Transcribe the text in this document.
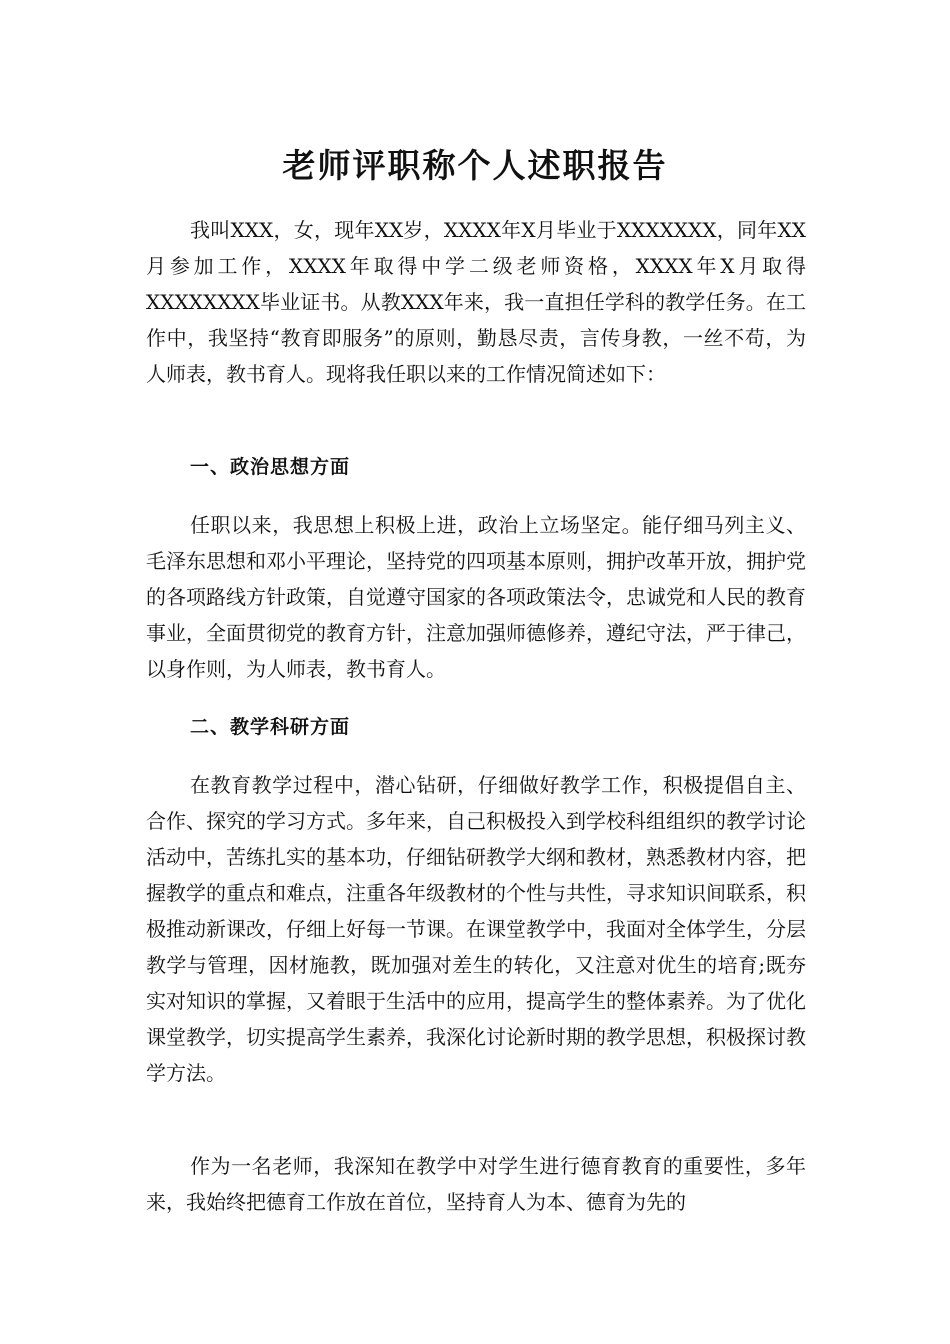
老师评职称个人述职报告

我叫XXX，女，现年XX岁，XXXX年X月毕业于XXXXXXX，同年XX月参加工作，XXXX年取得中学二级老师资格，XXXX年X月取得XXXXXXXX毕业证书。从教XXX年来，我一直担任学科的教学任务。在工作中，我坚持“教育即服务”的原则，勤恳尽责，言传身教，一丝不苟，为人师表，教书育人。现将我任职以来的工作情况简述如下：

一、政治思想方面

任职以来，我思想上积极上进，政治上立场坚定。能仔细马列主义、毛泽东思想和邓小平理论，坚持党的四项基本原则，拥护改革开放，拥护党的各项路线方针政策，自觉遵守国家的各项政策法令，忠诚党和人民的教育事业，全面贯彻党的教育方针，注意加强师德修养，遵纪守法，严于律己，以身作则，为人师表，教书育人。

二、教学科研方面

在教育教学过程中，潜心钻研，仔细做好教学工作，积极提倡自主、合作、探究的学习方式。多年来，自己积极投入到学校科组组织的教学讨论活动中，苦练扎实的基本功，仔细钻研教学大纲和教材，熟悉教材内容，把握教学的重点和难点，注重各年级教材的个性与共性，寻求知识间联系，积极推动新课改，仔细上好每一节课。在课堂教学中，我面对全体学生，分层教学与管理，因材施教，既加强对差生的转化，又注意对优生的培育;既夯实对知识的掌握，又着眼于生活中的应用，提高学生的整体素养。为了优化课堂教学，切实提高学生素养，我深化讨论新时期的教学思想，积极探讨教学方法。

作为一名老师，我深知在教学中对学生进行德育教育的重要性，多年来，我始终把德育工作放在首位，坚持育人为本、德育为先的
